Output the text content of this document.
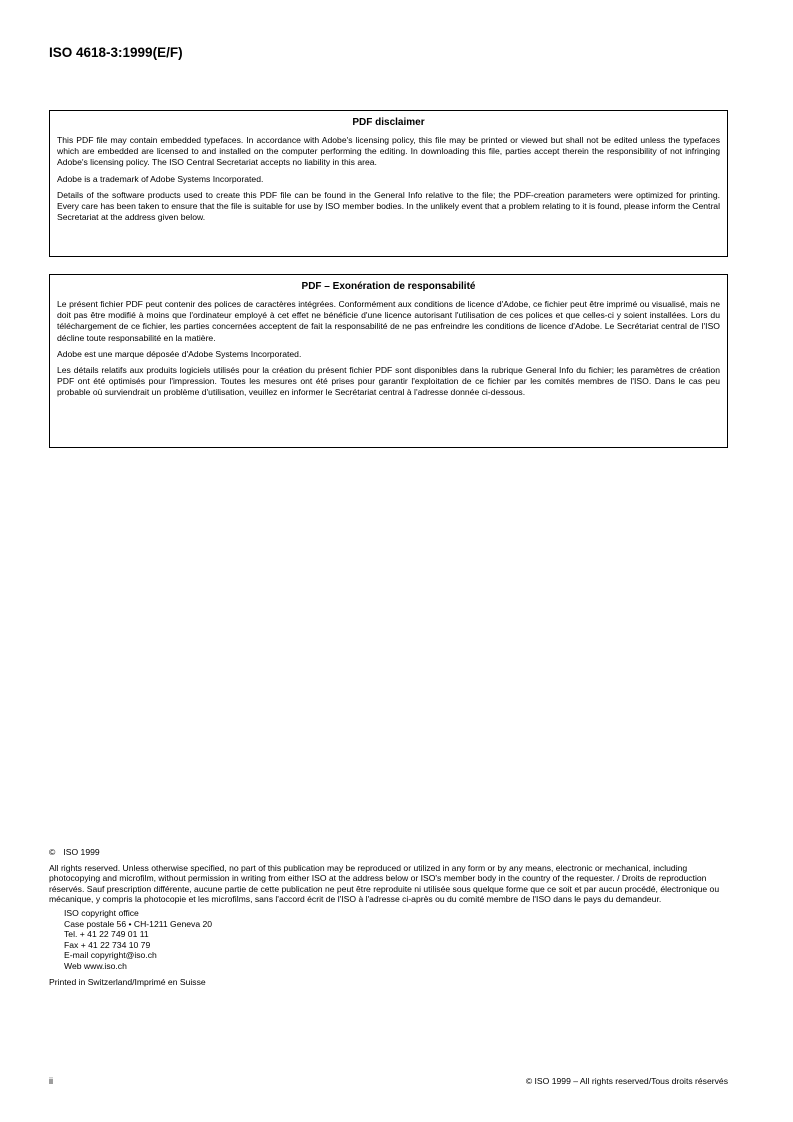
ISO 4618-3:1999(E/F)
PDF disclaimer

This PDF file may contain embedded typefaces. In accordance with Adobe's licensing policy, this file may be printed or viewed but shall not be edited unless the typefaces which are embedded are licensed to and installed on the computer performing the editing. In downloading this file, parties accept therein the responsibility of not infringing Adobe's licensing policy. The ISO Central Secretariat accepts no liability in this area.

Adobe is a trademark of Adobe Systems Incorporated.

Details of the software products used to create this PDF file can be found in the General Info relative to the file; the PDF-creation parameters were optimized for printing. Every care has been taken to ensure that the file is suitable for use by ISO member bodies. In the unlikely event that a problem relating to it is found, please inform the Central Secretariat at the address given below.

PDF – Exonération de responsabilité

Le présent fichier PDF peut contenir des polices de caractères intégrées. Conformément aux conditions de licence d'Adobe, ce fichier peut être imprimé ou visualisé, mais ne doit pas être modifié à moins que l'ordinateur employé à cet effet ne bénéficie d'une licence autorisant l'utilisation de ces polices et que celles-ci y soient installées. Lors du téléchargement de ce fichier, les parties concernées acceptent de fait la responsabilité de ne pas enfreindre les conditions de licence d'Adobe. Le Secrétariat central de l'ISO décline toute responsabilité en la matière.

Adobe est une marque déposée d'Adobe Systems Incorporated.

Les détails relatifs aux produits logiciels utilisés pour la création du présent fichier PDF sont disponibles dans la rubrique General Info du fichier; les paramètres de création PDF ont été optimisés pour l'impression. Toutes les mesures ont été prises pour garantir l'exploitation de ce fichier par les comités membres de l'ISO. Dans le cas peu probable où surviendrait un problème d'utilisation, veuillez en informer le Secrétariat central à l'adresse donnée ci-dessous.

© ISO 1999
All rights reserved. Unless otherwise specified, no part of this publication may be reproduced or utilized in any form or by any means, electronic or mechanical, including photocopying and microfilm, without permission in writing from either ISO at the address below or ISO's member body in the country of the requester. / Droits de reproduction réservés. Sauf prescription différente, aucune partie de cette publication ne peut être reproduite ni utilisée sous quelque forme que ce soit et par aucun procédé, électronique ou mécanique, y compris la photocopie et les microfilms, sans l'accord écrit de l'ISO à l'adresse ci-après ou du comité membre de l'ISO dans le pays du demandeur.
ISO copyright office
Case postale 56 • CH-1211 Geneva 20
Tel. + 41 22 749 01 11
Fax + 41 22 734 10 79
E-mail copyright@iso.ch
Web www.iso.ch
Printed in Switzerland/Imprimé en Suisse
ii	© ISO 1999 – All rights reserved/Tous droits réservés
